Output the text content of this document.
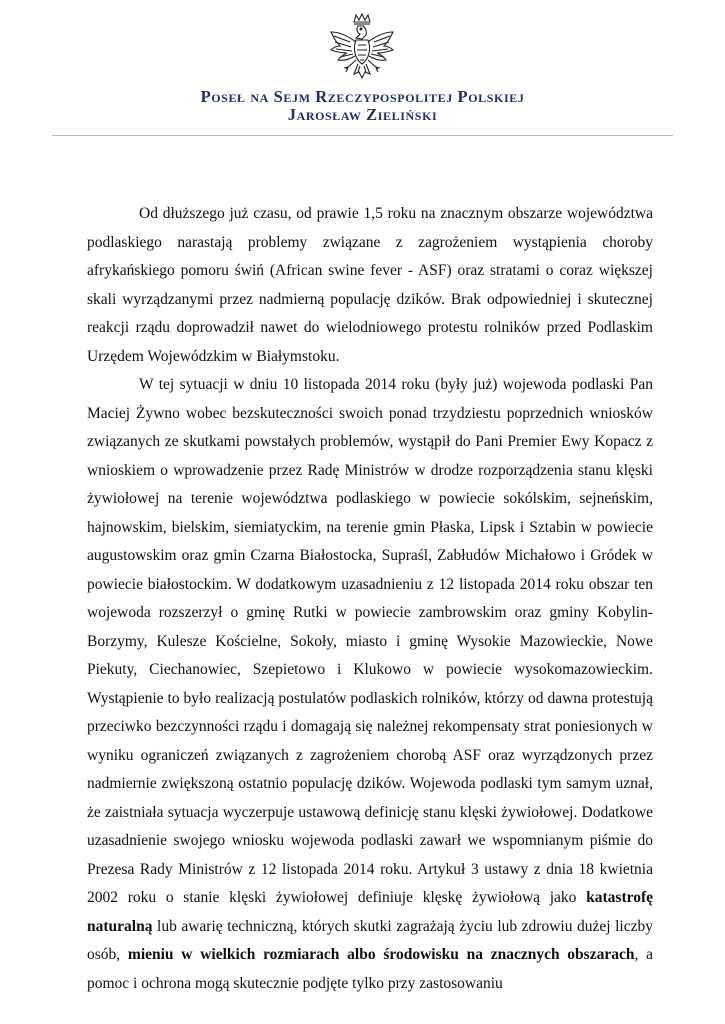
Poseł na Sejm Rzeczypospolitej Polskiej
Jarosław Zieliński

Od dłuższego już czasu, od prawie 1,5 roku na znacznym obszarze województwa podlaskiego narastają problemy związane z zagrożeniem wystąpienia choroby afrykańskiego pomoru świń (African swine fever - ASF) oraz stratami o coraz większej skali wyrządzanymi przez nadmierną populację dzików. Brak odpowiedniej i skutecznej reakcji rządu doprowadził nawet do wielodniowego protestu rolników przed Podlaskim Urzędem Wojewódzkim w Białymstoku.

W tej sytuacji w dniu 10 listopada 2014 roku (były już) wojewoda podlaski Pan Maciej Żywno wobec bezskuteczności swoich ponad trzydziestu poprzednich wniosków związanych ze skutkami powstałych problemów, wystąpił do Pani Premier Ewy Kopacz z wnioskiem o wprowadzenie przez Radę Ministrów w drodze rozporządzenia stanu klęski żywiołowej na terenie województwa podlaskiego w powiecie sokólskim, sejneńskim, hajnowskim, bielskim, siemiatyckim, na terenie gmin Płaska, Lipsk i Sztabin w powiecie augustowskim oraz gmin Czarna Białostocka, Supraśl, Zabłudów Michałowo i Gródek w powiecie białostockim. W dodatkowym uzasadnieniu z 12 listopada 2014 roku obszar ten wojewoda rozszerzył o gminę Rutki w powiecie zambrowskim oraz gminy Kobylin-Borzymy, Kulesze Kościelne, Sokoły, miasto i gminę Wysokie Mazowieckie, Nowe Piekuty, Ciechanowiec, Szepietowo i Klukowo w powiecie wysokomazowieckim. Wystąpienie to było realizacją postulatów podlaskich rolników, którzy od dawna protestują przeciwko bezczynności rządu i domagają się należnej rekompensaty strat poniesionych w wyniku ograniczeń związanych z zagrożeniem chorobą ASF oraz wyrządzonych przez nadmiernie zwiększoną ostatnio populację dzików. Wojewoda podlaski tym samym uznał, że zaistniała sytuacja wyczerpuje ustawową definicję stanu klęski żywiołowej. Dodatkowe uzasadnienie swojego wniosku wojewoda podlaski zawarł we wspomnianym piśmie do Prezesa Rady Ministrów z 12 listopada 2014 roku. Artykuł 3 ustawy z dnia 18 kwietnia 2002 roku o stanie klęski żywiołowej definiuje klęskę żywiołową jako katastrofę naturalną lub awarię techniczną, których skutki zagrażają życiu lub zdrowiu dużej liczby osób, mieniu w wielkich rozmiarach albo środowisku na znacznych obszarach, a pomoc i ochrona mogą skutecznie podjęte tylko przy zastosowaniu
